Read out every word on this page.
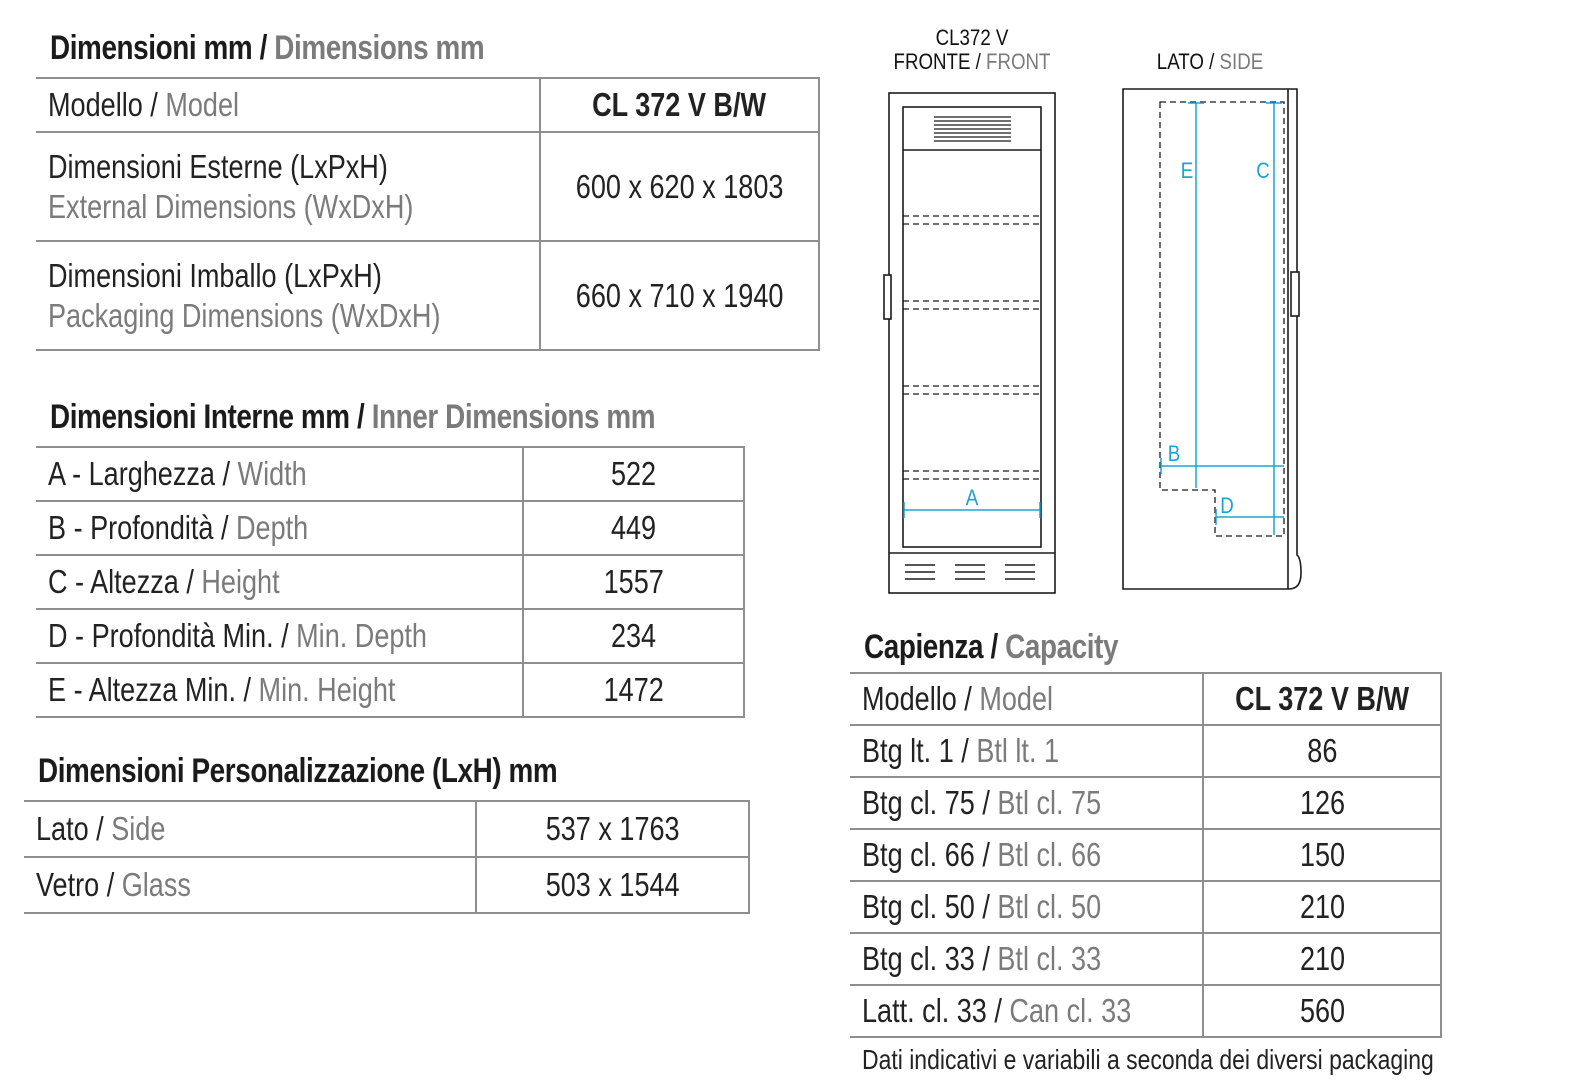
Dimensioni mm / Dimensions mm
Modello / Model	CL 372 V B/W
Dimensioni Esterne (LxPxH)
External Dimensions (WxDxH)	600 x 620 x 1803
Dimensioni Imballo (LxPxH)
Packaging Dimensions (WxDxH)	660 x 710 x 1940
Dimensioni Interne mm / Inner Dimensions mm
A - Larghezza / Width	522
B - Profondità / Depth	449
C - Altezza / Height	1557
D - Profondità Min. / Min. Depth	234
E - Altezza Min. / Min. Height	1472
Dimensioni Personalizzazione (LxH) mm
Lato / Side	537 x 1763
Vetro / Glass	503 x 1544
CL372 V
FRONTE / FRONT	LATO / SIDE
A
E	C
B
D
Capienza / Capacity
Modello / Model	CL 372 V B/W
Btg lt. 1 / Btl lt. 1	86
Btg cl. 75 / Btl cl. 75	126
Btg cl. 66 / Btl cl. 66	150
Btg cl. 50 / Btl cl. 50	210
Btg cl. 33 / Btl cl. 33	210
Latt. cl. 33 / Can cl. 33	560
Dati indicativi e variabili a seconda dei diversi packaging
